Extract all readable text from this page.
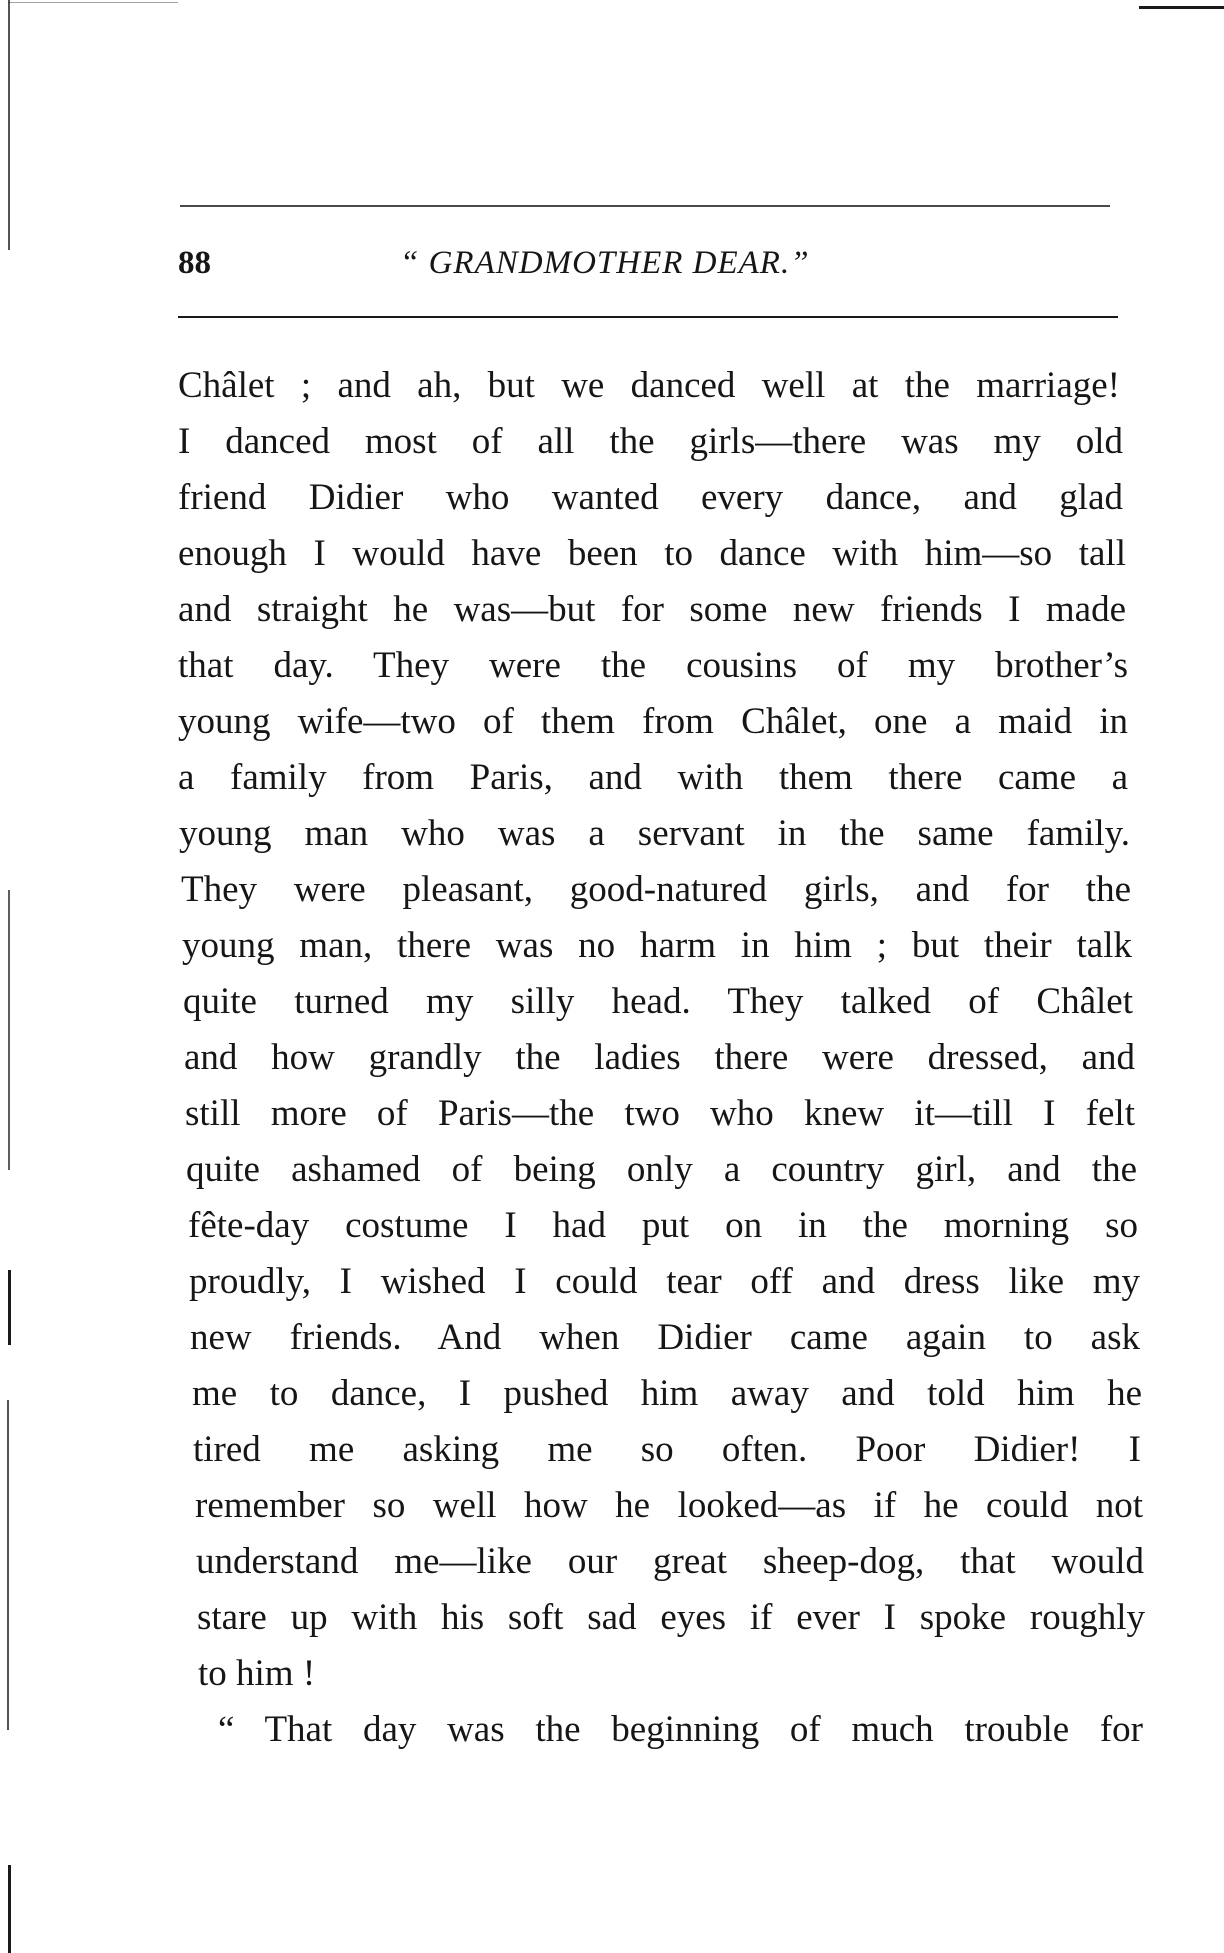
88	“ GRANDMOTHER DEAR.”
Châlet ; and ah, but we danced well at the marriage!
I danced most of all the girls—there was my old
friend Didier who wanted every dance, and glad
enough I would have been to dance with him—so tall
and straight he was—but for some new friends I made
that day. They were the cousins of my brother’s
young wife—two of them from Châlet, one a maid in
a family from Paris, and with them there came a
young man who was a servant in the same family.
They were pleasant, good-natured girls, and for the
young man, there was no harm in him ; but their talk
quite turned my silly head. They talked of Châlet
and how grandly the ladies there were dressed, and
still more of Paris—the two who knew it—till I felt
quite ashamed of being only a country girl, and the
fête-day costume I had put on in the morning so
proudly, I wished I could tear off and dress like my
new friends. And when Didier came again to ask
me to dance, I pushed him away and told him he
tired me asking me so often. Poor Didier! I
remember so well how he looked—as if he could not
understand me—like our great sheep-dog, that would
stare up with his soft sad eyes if ever I spoke roughly
to him !
“ That day was the beginning of much trouble for
